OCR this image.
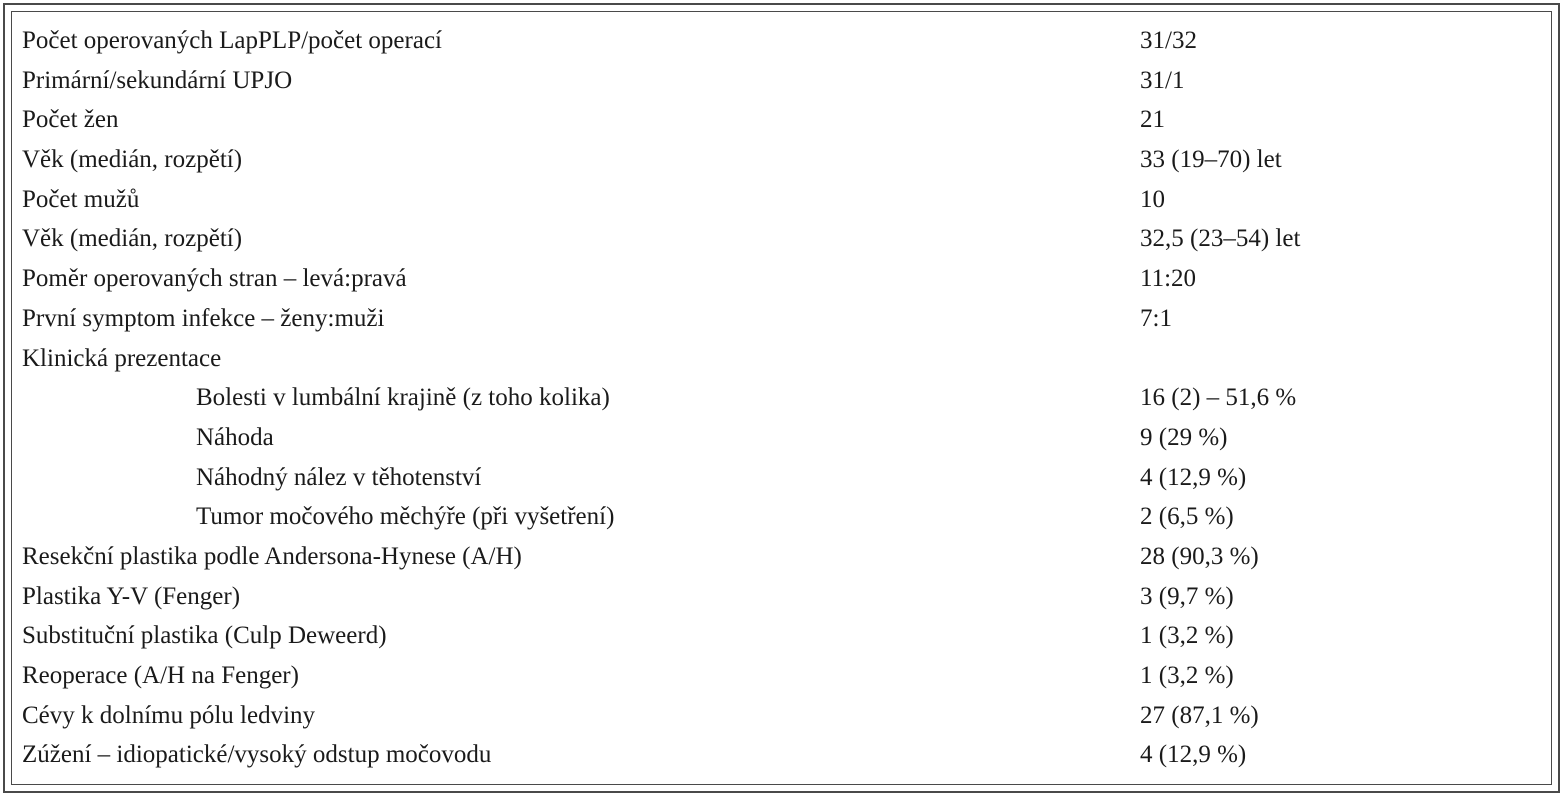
Počet operovaných LapPLP/počet operací	31/32
Primární/sekundární UPJO	31/1
Počet žen	21
Věk (medián, rozpětí)	33 (19–70) let
Počet mužů	10
Věk (medián, rozpětí)	32,5 (23–54) let
Poměr operovaných stran – levá:pravá	11:20
První symptom infekce – ženy:muži	7:1
Klinická prezentace
Bolesti v lumbální krajině (z toho kolika)	16 (2) – 51,6 %
Náhoda	9 (29 %)
Náhodný nález v těhotenství	4 (12,9 %)
Tumor močového měchýře (při vyšetření)	2 (6,5 %)
Resekční plastika podle Andersona-Hynese (A/H)	28 (90,3 %)
Plastika Y-V (Fenger)	3 (9,7 %)
Substituční plastika (Culp Deweerd)	1 (3,2 %)
Reoperace (A/H na Fenger)	1 (3,2 %)
Cévy k dolnímu pólu ledviny	27 (87,1 %)
Zúžení – idiopatické/vysoký odstup močovodu	4 (12,9 %)
